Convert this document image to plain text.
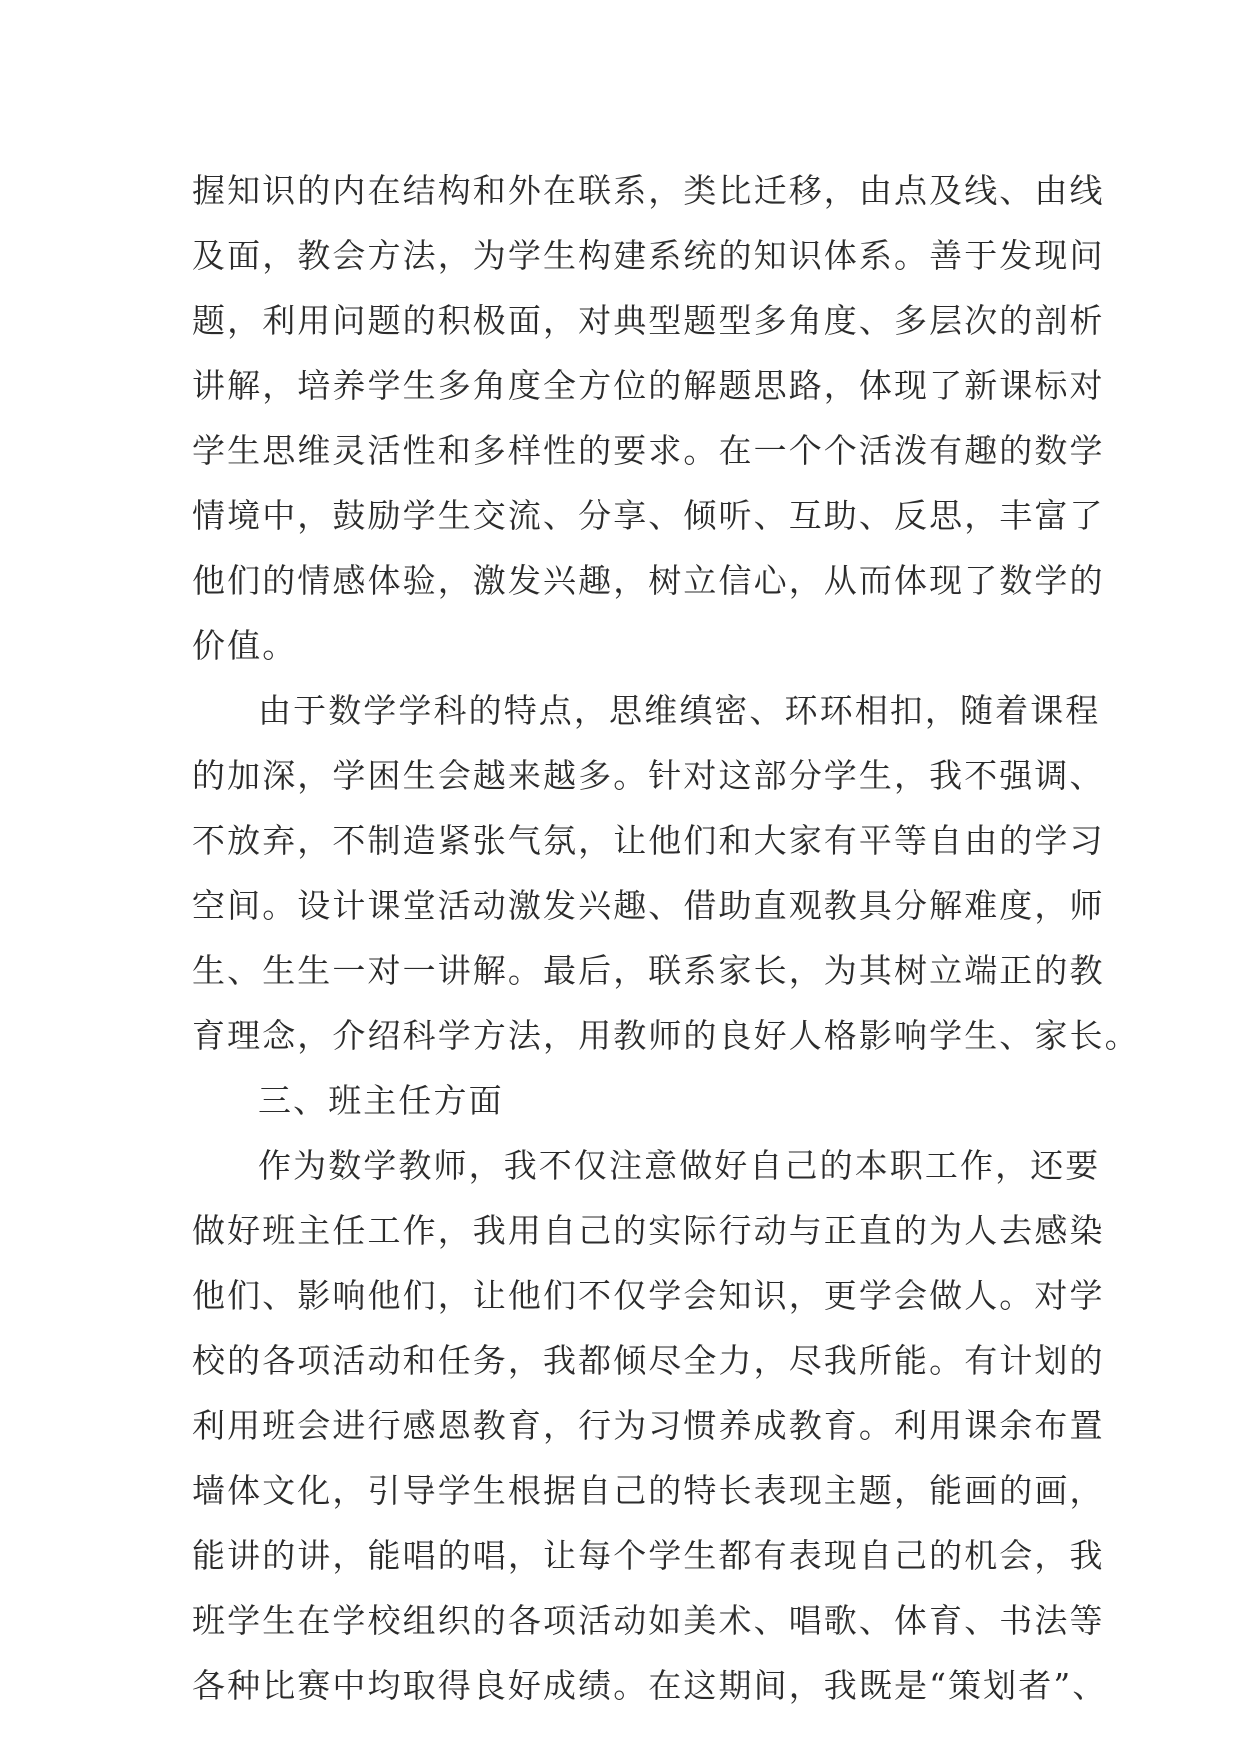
握知识的内在结构和外在联系，类比迁移，由点及线、由线
及面，教会方法，为学生构建系统的知识体系。善于发现问
题，利用问题的积极面，对典型题型多角度、多层次的剖析
讲解，培养学生多角度全方位的解题思路，体现了新课标对
学生思维灵活性和多样性的要求。在一个个活泼有趣的数学
情境中，鼓励学生交流、分享、倾听、互助、反思，丰富了
他们的情感体验，激发兴趣，树立信心，从而体现了数学的
价值。
由于数学学科的特点，思维缜密、环环相扣，随着课程
的加深，学困生会越来越多。针对这部分学生，我不强调、
不放弃，不制造紧张气氛，让他们和大家有平等自由的学习
空间。设计课堂活动激发兴趣、借助直观教具分解难度，师
生、生生一对一讲解。最后，联系家长，为其树立端正的教
育理念，介绍科学方法，用教师的良好人格影响学生、家长。
三、班主任方面
作为数学教师，我不仅注意做好自己的本职工作，还要
做好班主任工作，我用自己的实际行动与正直的为人去感染
他们、影响他们，让他们不仅学会知识，更学会做人。对学
校的各项活动和任务，我都倾尽全力，尽我所能。有计划的
利用班会进行感恩教育，行为习惯养成教育。利用课余布置
墙体文化，引导学生根据自己的特长表现主题，能画的画，
能讲的讲，能唱的唱，让每个学生都有表现自己的机会，我
班学生在学校组织的各项活动如美术、唱歌、体育、书法等
各种比赛中均取得良好成绩。在这期间，我既是“策划者”、
